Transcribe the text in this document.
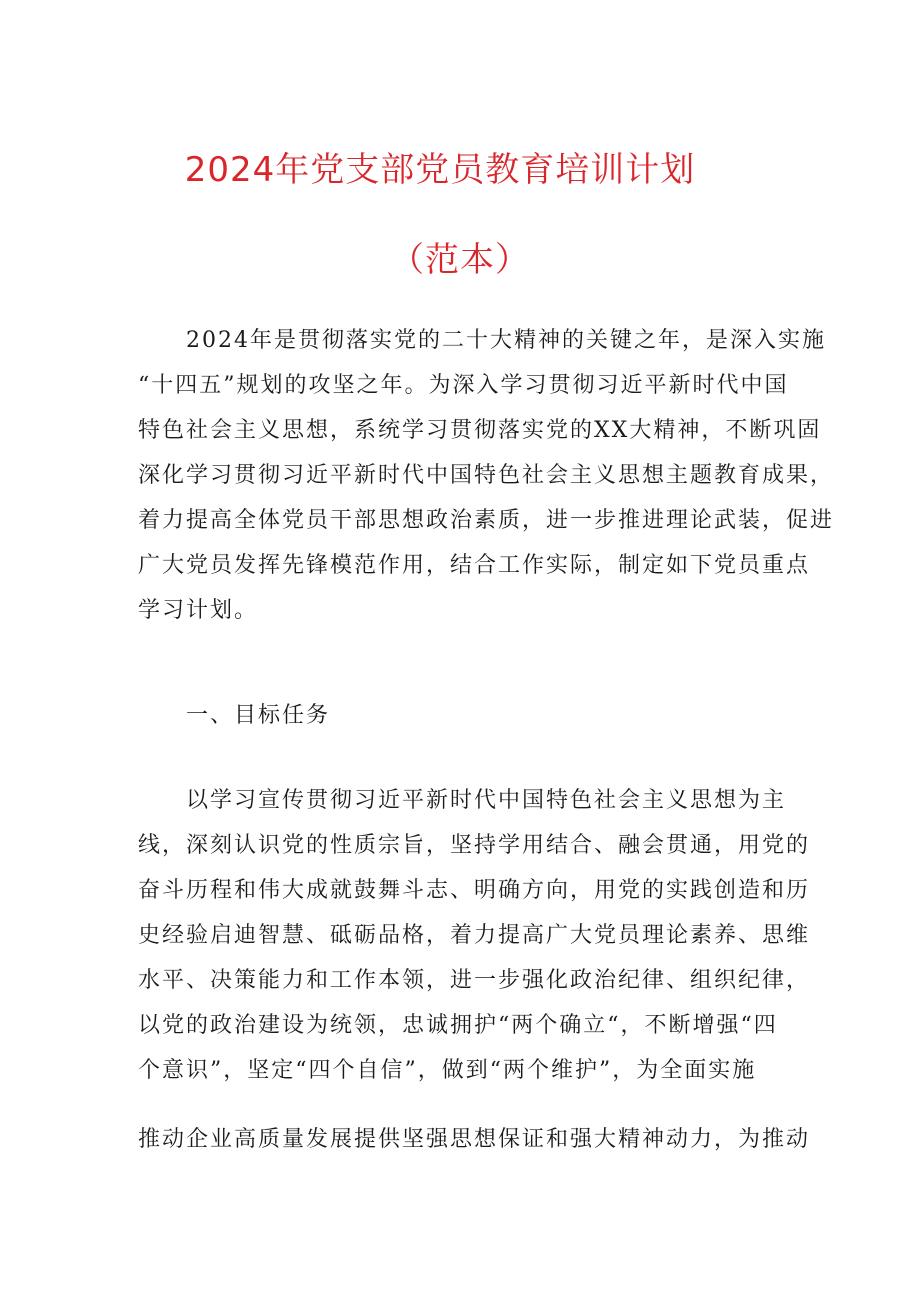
2024年党支部党员教育培训计划
（范本）
2024年是贯彻落实党的二十大精神的关键之年，是深入实施
“十四五”规划的攻坚之年。为深入学习贯彻习近平新时代中国
特色社会主义思想，系统学习贯彻落实党的XX大精神，不断巩固
深化学习贯彻习近平新时代中国特色社会主义思想主题教育成果，
着力提高全体党员干部思想政治素质，进一步推进理论武装，促进
广大党员发挥先锋模范作用，结合工作实际，制定如下党员重点
学习计划。
一、目标任务
以学习宣传贯彻习近平新时代中国特色社会主义思想为主
线，深刻认识党的性质宗旨，坚持学用结合、融会贯通，用党的
奋斗历程和伟大成就鼓舞斗志、明确方向，用党的实践创造和历
史经验启迪智慧、砥砺品格，着力提高广大党员理论素养、思维
水平、决策能力和工作本领，进一步强化政治纪律、组织纪律，
以党的政治建设为统领，忠诚拥护“两个确立“，不断增强“四
个意识”，坚定“四个自信”，做到“两个维护”，为全面实施
推动企业高质量发展提供坚强思想保证和强大精神动力，为推动
